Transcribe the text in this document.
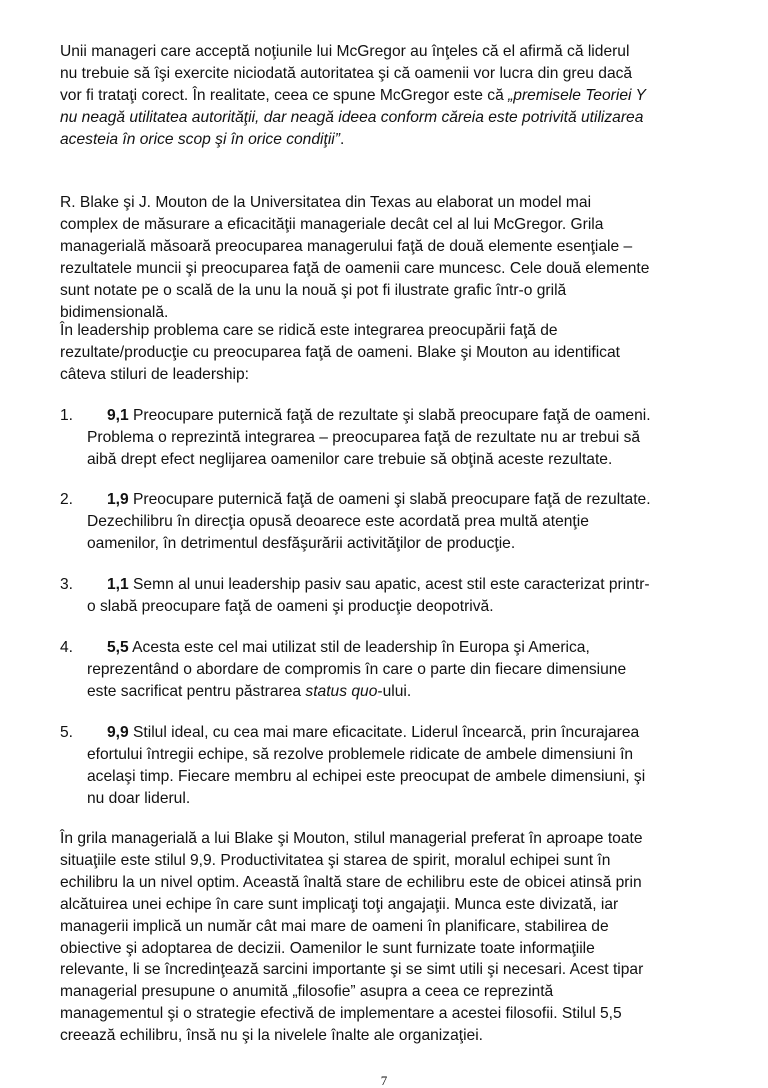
Unii manageri care acceptă noţiunile lui McGregor au înţeles că el afirmă că liderul
nu trebuie să îşi exercite niciodată autoritatea şi că oamenii vor lucra din greu dacă
vor fi trataţi corect. În realitate, ceea ce spune McGregor este că „premisele Teoriei Y
nu neagă utilitatea autorităţii, dar neagă ideea conform căreia este potrivită utilizarea
acesteia în orice scop şi în orice condiţii”.

R. Blake şi J. Mouton de la Universitatea din Texas au elaborat un model mai
complex de măsurare a eficacităţii manageriale decât cel al lui McGregor. Grila
managerială măsoară preocuparea managerului faţă de două elemente esenţiale –
rezultatele muncii şi preocuparea faţă de oamenii care muncesc. Cele două elemente
sunt notate pe o scală de la unu la nouă şi pot fi ilustrate grafic într-o grilă
bidimensională.

În leadership problema care se ridică este integrarea preocupării faţă de
rezultate/producţie cu preocuparea faţă de oameni. Blake şi Mouton au identificat
câteva stiluri de leadership:

1.	9,1 Preocupare puternică faţă de rezultate şi slabă preocupare faţă de oameni.
Problema o reprezintă integrarea – preocuparea faţă de rezultate nu ar trebui să
aibă drept efect neglijarea oamenilor care trebuie să obţină aceste rezultate.
2.	1,9 Preocupare puternică faţă de oameni şi slabă preocupare faţă de rezultate.
Dezechilibru în direcţia opusă deoarece este acordată prea multă atenţie
oamenilor, în detrimentul desfăşurării activităţilor de producţie.
3.	1,1 Semn al unui leadership pasiv sau apatic, acest stil este caracterizat printr-
o slabă preocupare faţă de oameni şi producţie deopotrivă.
4.	5,5 Acesta este cel mai utilizat stil de leadership în Europa şi America,
reprezentând o abordare de compromis în care o parte din fiecare dimensiune
este sacrificat pentru păstrarea status quo-ului.
5.	9,9 Stilul ideal, cu cea mai mare eficacitate. Liderul încearcă, prin încurajarea
efortului întregii echipe, să rezolve problemele ridicate de ambele dimensiuni în
acelaşi timp. Fiecare membru al echipei este preocupat de ambele dimensiuni, şi
nu doar liderul.

În grila managerială a lui Blake şi Mouton, stilul managerial preferat în aproape toate
situaţiile este stilul 9,9. Productivitatea şi starea de spirit, moralul echipei sunt în
echilibru la un nivel optim. Această înaltă stare de echilibru este de obicei atinsă prin
alcătuirea unei echipe în care sunt implicaţi toţi angajaţii. Munca este divizată, iar
managerii implică un număr cât mai mare de oameni în planificare, stabilirea de
obiective şi adoptarea de decizii. Oamenilor le sunt furnizate toate informaţiile
relevante, li se încredinţează sarcini importante şi se simt utili şi necesari. Acest tipar
managerial presupune o anumită „filosofie” asupra a ceea ce reprezintă
managementul şi o strategie efectivă de implementare a acestei filosofii. Stilul 5,5
creează echilibru, însă nu şi la nivelele înalte ale organizaţiei.

7
